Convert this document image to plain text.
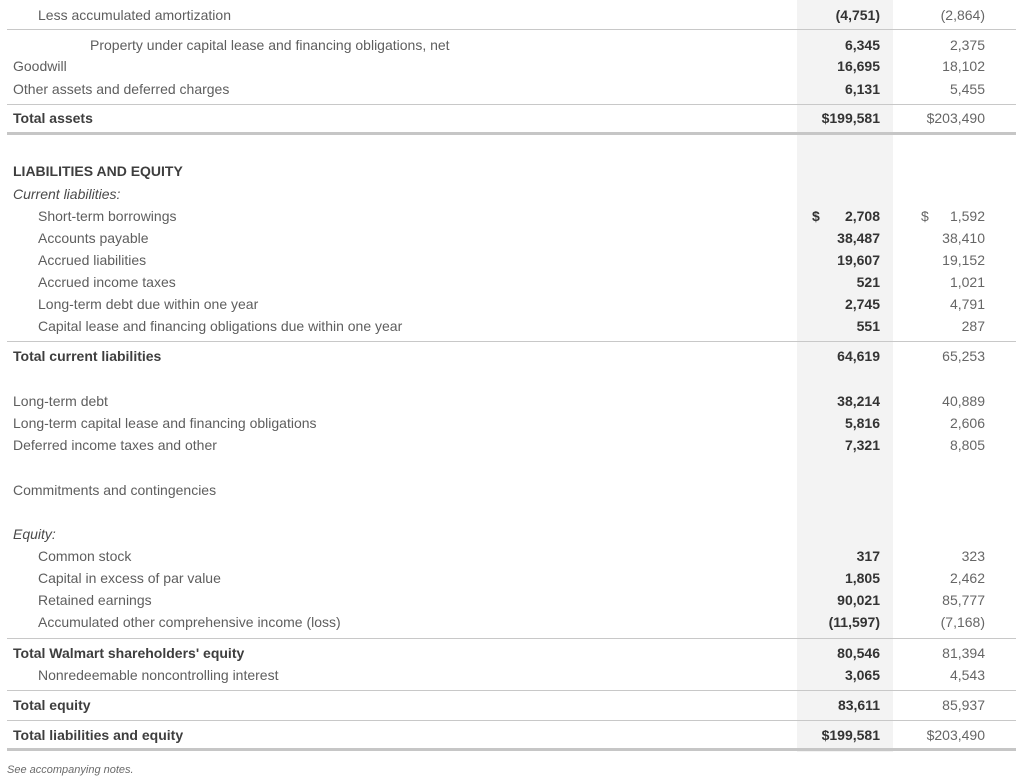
Less accumulated amortization	(4,751)	(2,864)
Property under capital lease and financing obligations, net	6,345	2,375
Goodwill	16,695	18,102
Other assets and deferred charges	6,131	5,455
Total assets	$199,581	$203,490
LIABILITIES AND EQUITY
Current liabilities:
Short-term borrowings	$ 2,708	$ 1,592
Accounts payable	38,487	38,410
Accrued liabilities	19,607	19,152
Accrued income taxes	521	1,021
Long-term debt due within one year	2,745	4,791
Capital lease and financing obligations due within one year	551	287
Total current liabilities	64,619	65,253
Long-term debt	38,214	40,889
Long-term capital lease and financing obligations	5,816	2,606
Deferred income taxes and other	7,321	8,805
Commitments and contingencies
Equity:
Common stock	317	323
Capital in excess of par value	1,805	2,462
Retained earnings	90,021	85,777
Accumulated other comprehensive income (loss)	(11,597)	(7,168)
Total Walmart shareholders' equity	80,546	81,394
Nonredeemable noncontrolling interest	3,065	4,543
Total equity	83,611	85,937
Total liabilities and equity	$199,581	$203,490
See accompanying notes.
